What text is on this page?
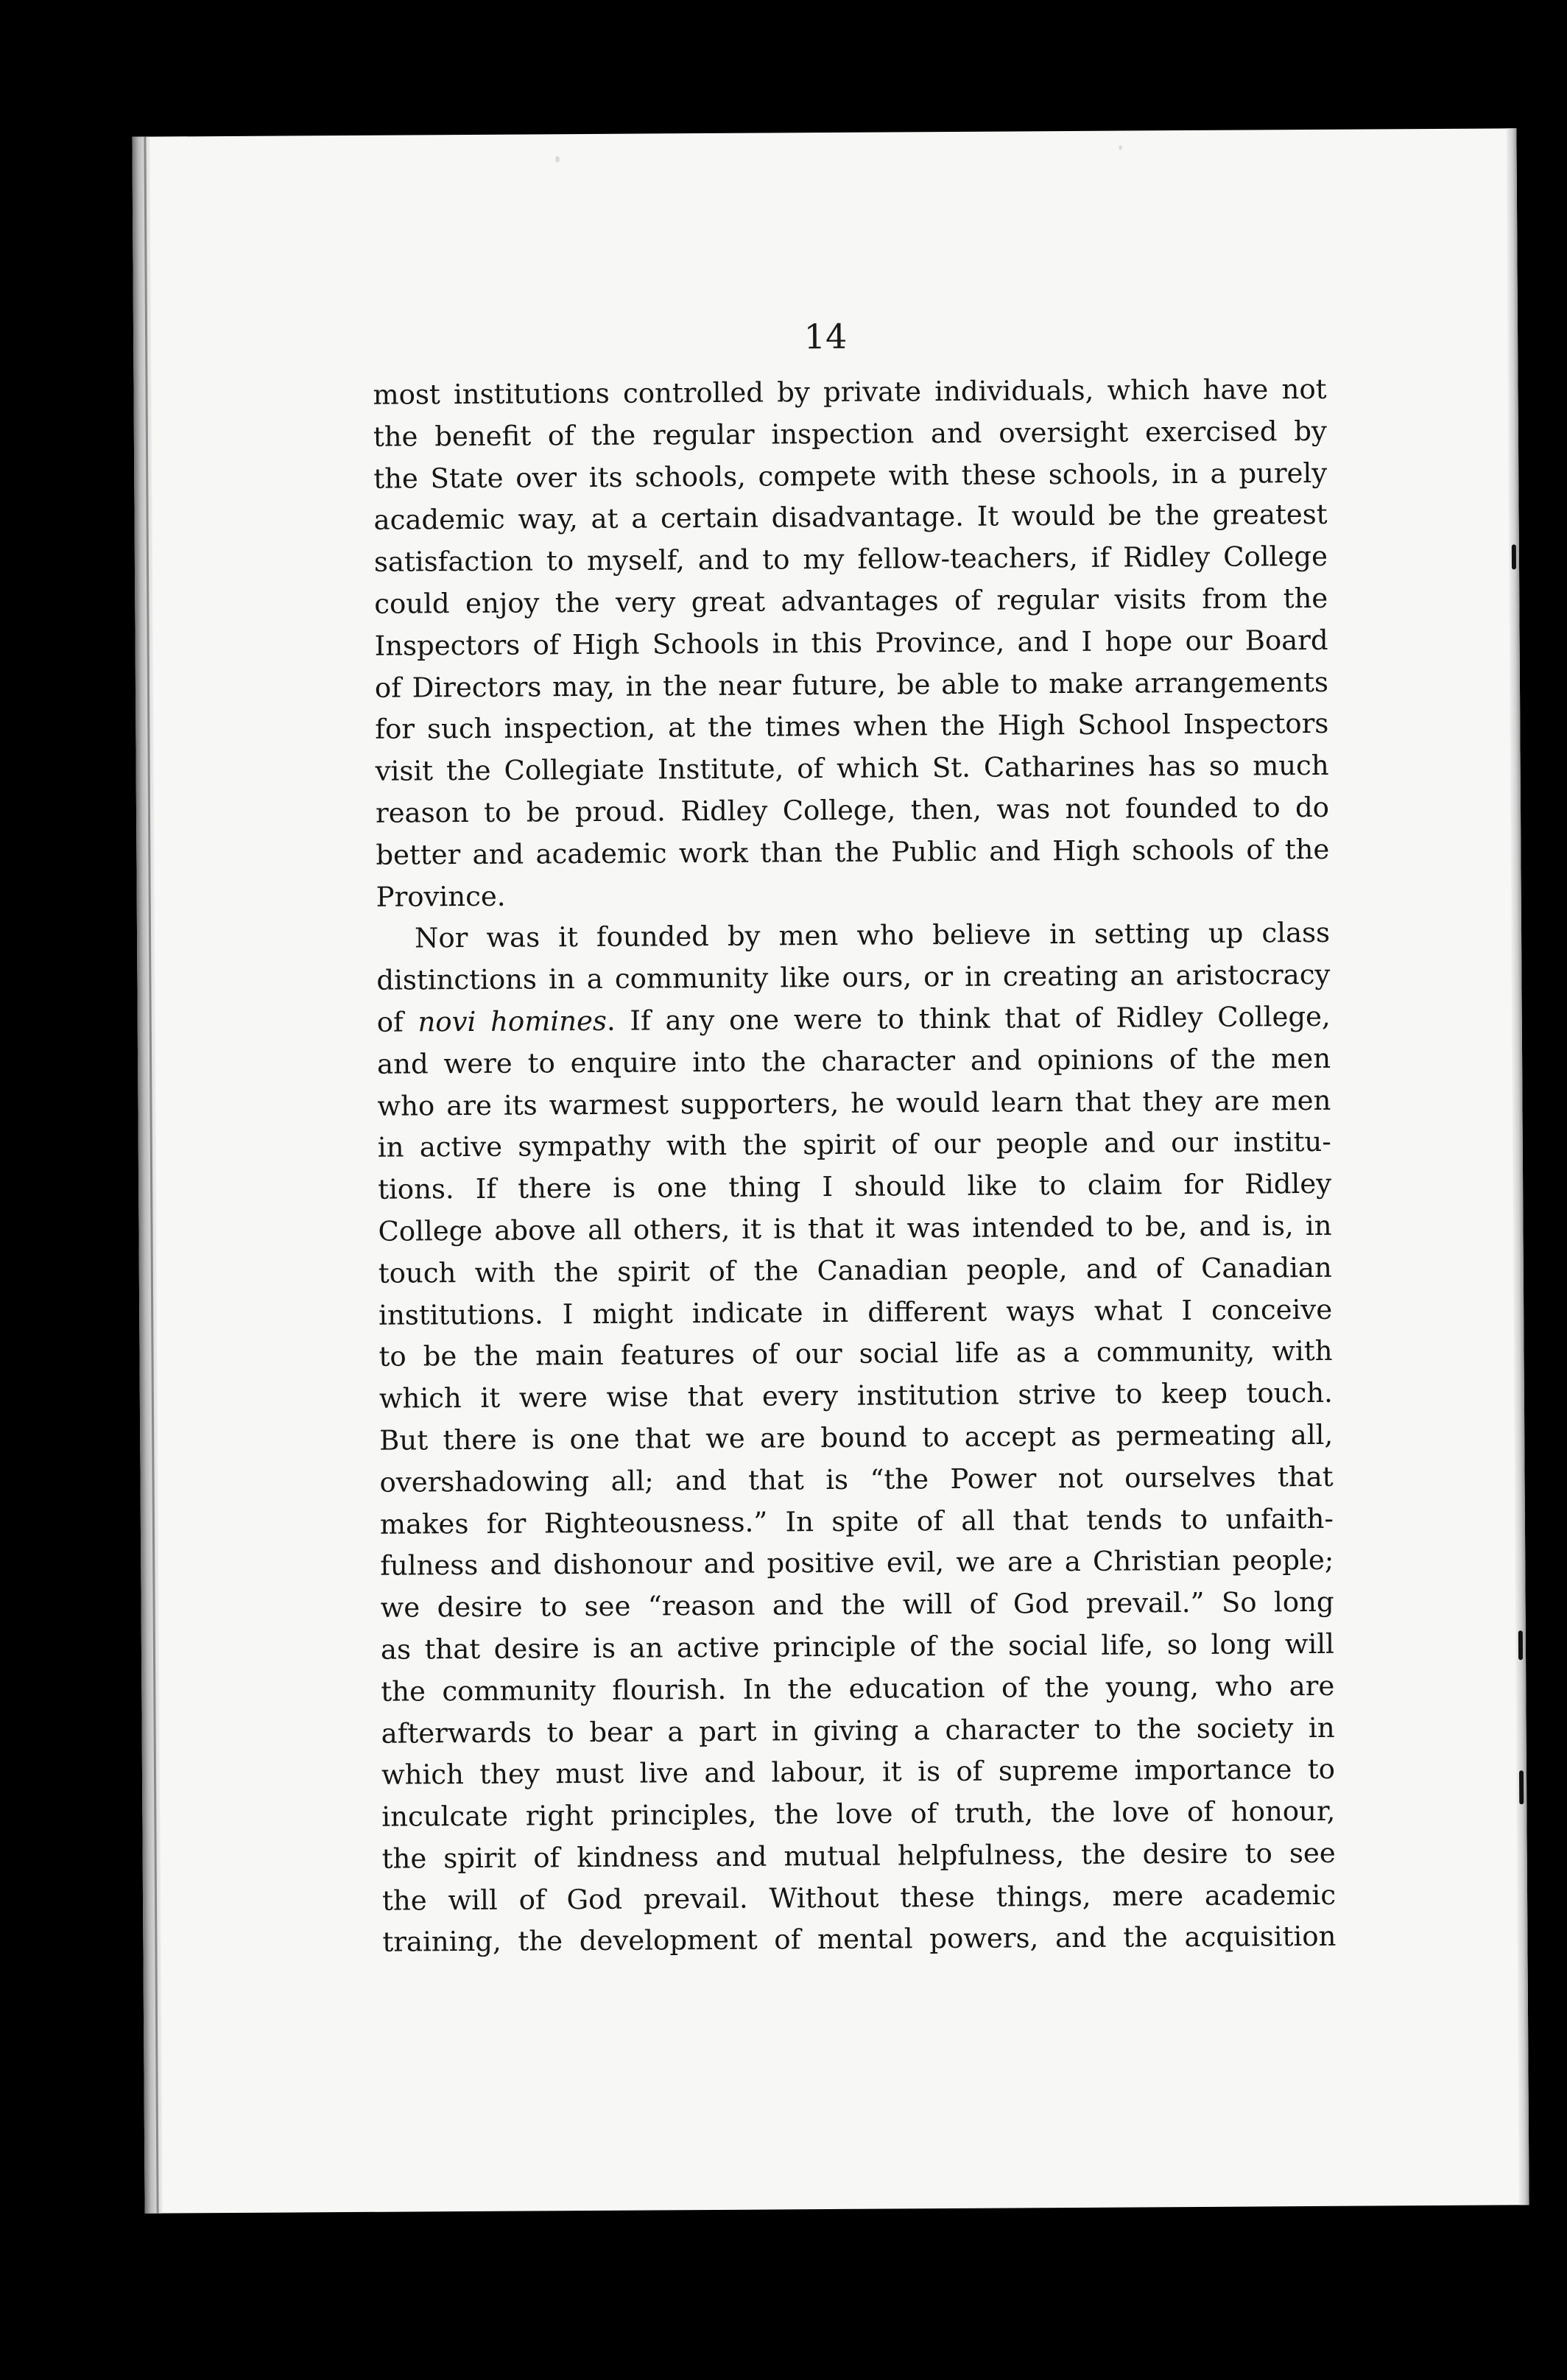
14
most institutions controlled by private individuals, which have not
the benefit of the regular inspection and oversight exercised by
the State over its schools, compete with these schools, in a purely
academic way, at a certain disadvantage. It would be the greatest
satisfaction to myself, and to my fellow-teachers, if Ridley College
could enjoy the very great advantages of regular visits from the
Inspectors of High Schools in this Province, and I hope our Board
of Directors may, in the near future, be able to make arrangements
for such inspection, at the times when the High School Inspectors
visit the Collegiate Institute, of which St. Catharines has so much
reason to be proud. Ridley College, then, was not founded to do
better and academic work than the Public and High schools of the
Province.
Nor was it founded by men who believe in setting up class
distinctions in a community like ours, or in creating an aristocracy
of novi homines. If any one were to think that of Ridley College,
and were to enquire into the character and opinions of the men
who are its warmest supporters, he would learn that they are men
in active sympathy with the spirit of our people and our institu-
tions. If there is one thing I should like to claim for Ridley
College above all others, it is that it was intended to be, and is, in
touch with the spirit of the Canadian people, and of Canadian
institutions. I might indicate in different ways what I conceive
to be the main features of our social life as a community, with
which it were wise that every institution strive to keep touch.
But there is one that we are bound to accept as permeating all,
overshadowing all; and that is “the Power not ourselves that
makes for Righteousness.” In spite of all that tends to unfaith-
fulness and dishonour and positive evil, we are a Christian people;
we desire to see “reason and the will of God prevail.” So long
as that desire is an active principle of the social life, so long will
the community flourish. In the education of the young, who are
afterwards to bear a part in giving a character to the society in
which they must live and labour, it is of supreme importance to
inculcate right principles, the love of truth, the love of honour,
the spirit of kindness and mutual helpfulness, the desire to see
the will of God prevail. Without these things, mere academic
training, the development of mental powers, and the acquisition
